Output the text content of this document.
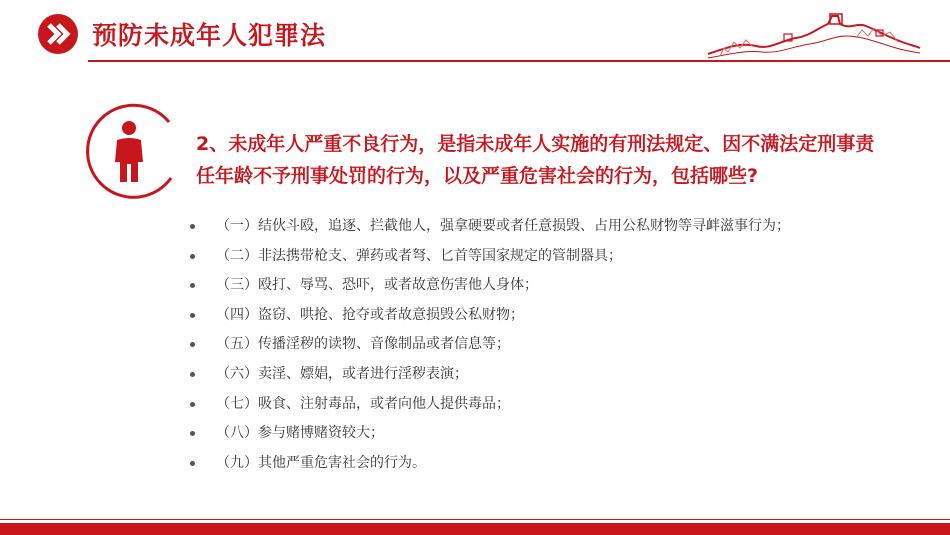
预防未成年人犯罪法
2、未成年人严重不良行为，是指未成年人实施的有刑法规定、因不满法定刑事责任年龄不予刑事处罚的行为，以及严重危害社会的行为，包括哪些?
（一）结伙斗殴，追逐、拦截他人，强拿硬要或者任意损毁、占用公私财物等寻衅滋事行为；
（二）非法携带枪支、弹药或者弩、匕首等国家规定的管制器具；
（三）殴打、辱骂、恐吓，或者故意伤害他人身体；
（四）盗窃、哄抢、抢夺或者故意损毁公私财物；
（五）传播淫秽的读物、音像制品或者信息等；
（六）卖淫、嫖娼，或者进行淫秽表演；
（七）吸食、注射毒品，或者向他人提供毒品；
（八）参与赌博赌资较大；
（九）其他严重危害社会的行为。
